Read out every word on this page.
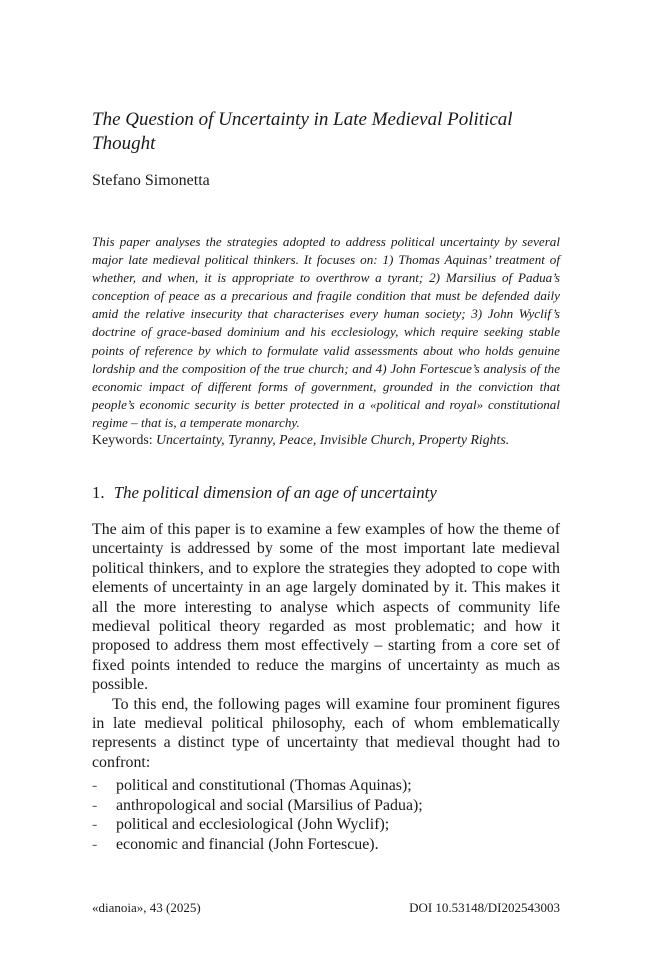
The Question of Uncertainty in Late Medieval Political Thought
Stefano Simonetta

This paper analyses the strategies adopted to address political uncertainty by several major late medieval political thinkers. It focuses on: 1) Thomas Aquinas’ treatment of whether, and when, it is appropriate to overthrow a tyrant; 2) Marsilius of Padua’s conception of peace as a precarious and fragile condition that must be defended daily amid the relative insecurity that characterises every human society; 3) John Wyclif’s doctrine of grace-based dominium and his ecclesiology, which require seeking stable points of reference by which to formulate valid assessments about who holds genuine lordship and the composition of the true church; and 4) John Fortescue’s analysis of the economic impact of different forms of government, grounded in the conviction that people’s economic security is better protected in a «political and royal» constitutional regime – that is, a temperate monarchy.

Keywords: Uncertainty, Tyranny, Peace, Invisible Church, Property Rights.
1. The political dimension of an age of uncertainty

The aim of this paper is to examine a few examples of how the theme of uncertainty is addressed by some of the most important late medieval political thinkers, and to explore the strategies they adopted to cope with elements of uncertainty in an age largely dominated by it. This makes it all the more interesting to analyse which aspects of community life medieval political theory regarded as most problematic; and how it proposed to address them most effectively – starting from a core set of fixed points intended to reduce the margins of uncertainty as much as possible.

To this end, the following pages will examine four prominent figures in late medieval political philosophy, each of whom emblematically represents a distinct type of uncertainty that medieval thought had to confront:

- political and constitutional (Thomas Aquinas);
- anthropological and social (Marsilius of Padua);
- political and ecclesiological (John Wyclif);
- economic and financial (John Fortescue).
«dianoia», 43 (2025)	DOI 10.53148/DI202543003
